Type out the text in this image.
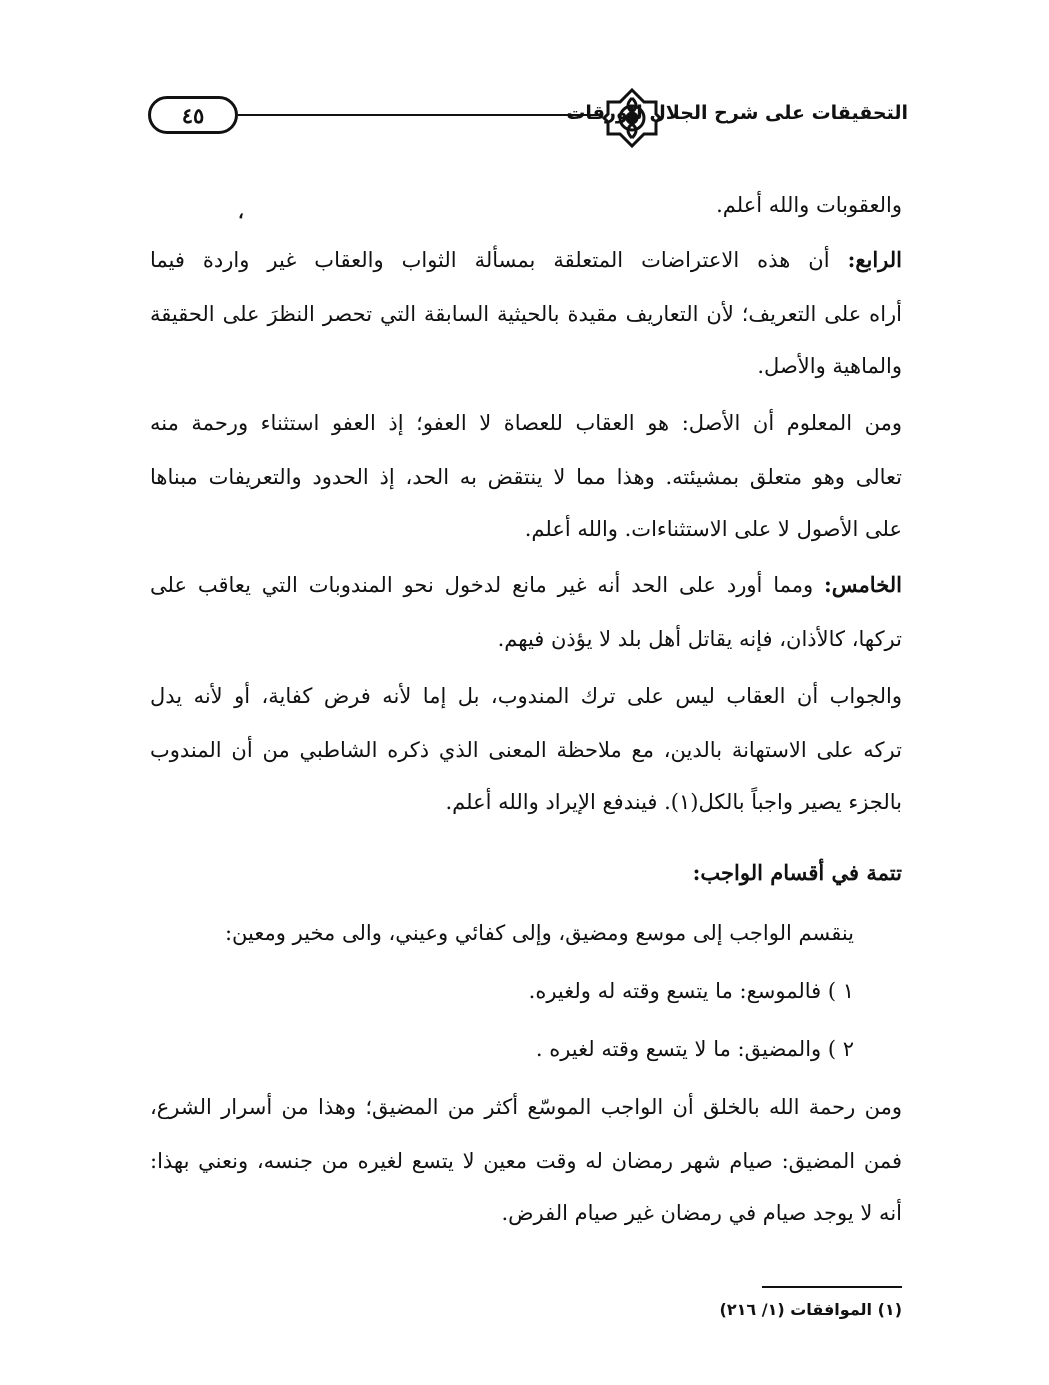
٤٥	التحقيقات على شرح الجلال للورقات
،	والعقوبات والله أعلم.
الرابع: أن هذه الاعتراضات المتعلقة بمسألة الثواب والعقاب غير واردة فيما
أراه على التعريف؛ لأن التعاريف مقيدة بالحيثية السابقة التي تحصر النظرَ على الحقيقة
والماهية والأصل.
ومن المعلوم أن الأصل: هو العقاب للعصاة لا العفو؛ إذ العفو استثناء ورحمة منه
تعالى وهو متعلق بمشيئته. وهذا مما لا ينتقض به الحد، إذ الحدود والتعريفات مبناها
على الأصول لا على الاستثناءات. والله أعلم.
الخامس: ومما أورد على الحد أنه غير مانع لدخول نحو المندوبات التي يعاقب على
تركها، كالأذان، فإنه يقاتل أهل بلد لا يؤذن فيهم.
والجواب أن العقاب ليس على ترك المندوب، بل إما لأنه فرض كفاية، أو لأنه يدل
تركه على الاستهانة بالدين، مع ملاحظة المعنى الذي ذكره الشاطبي من أن المندوب
بالجزء يصير واجباً بالكل(١). فيندفع الإيراد والله أعلم.
تتمة في أقسام الواجب:
ينقسم الواجب إلى موسع ومضيق، وإلى كفائي وعيني، والى مخير ومعين:
١ ) فالموسع: ما يتسع وقته له ولغيره.
٢ ) والمضيق: ما لا يتسع وقته لغيره .
ومن رحمة الله بالخلق أن الواجب الموسّع أكثر من المضيق؛ وهذا من أسرار الشرع،
فمن المضيق: صيام شهر رمضان له وقت معين لا يتسع لغيره من جنسه، ونعني بهذا:
أنه لا يوجد صيام في رمضان غير صيام الفرض.
(١) الموافقات (١/ ٢١٦)
